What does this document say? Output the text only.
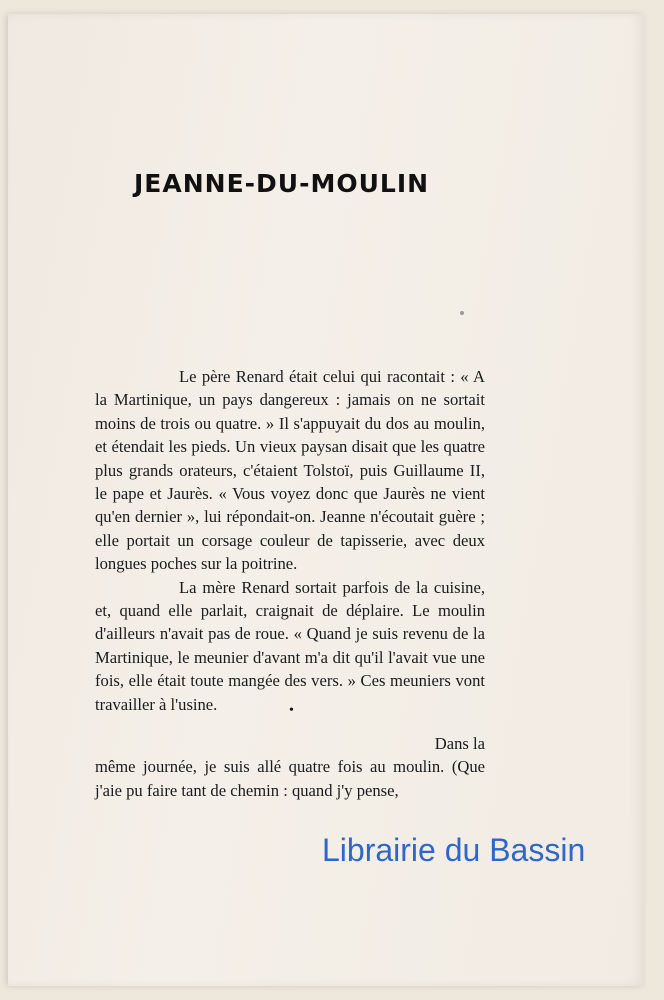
JEANNE-DU-MOULIN

Le père Renard était celui qui racontait : « A la Martinique, un pays dangereux : jamais on ne sortait moins de trois ou quatre. » Il s'appuyait du dos au moulin, et étendait les pieds. Un vieux paysan disait que les quatre plus grands orateurs, c'étaient Tolstoï, puis Guillaume II, le pape et Jaurès. « Vous voyez donc que Jaurès ne vient qu'en dernier », lui répondait-on. Jeanne n'écoutait guère ; elle portait un corsage couleur de tapisserie, avec deux longues poches sur la poitrine.

La mère Renard sortait parfois de la cuisine, et, quand elle parlait, craignait de déplaire. Le moulin d'ailleurs n'avait pas de roue. « Quand je suis revenu de la Martinique, le meunier d'avant m'a dit qu'il l'avait vue une fois, elle était toute mangée des vers. » Ces meuniers vont travailler à l'usine.	•
Dans la

même journée, je suis allé quatre fois au moulin. (Que j'aie pu faire tant de chemin : quand j'y pense,

Librairie du Bassin
